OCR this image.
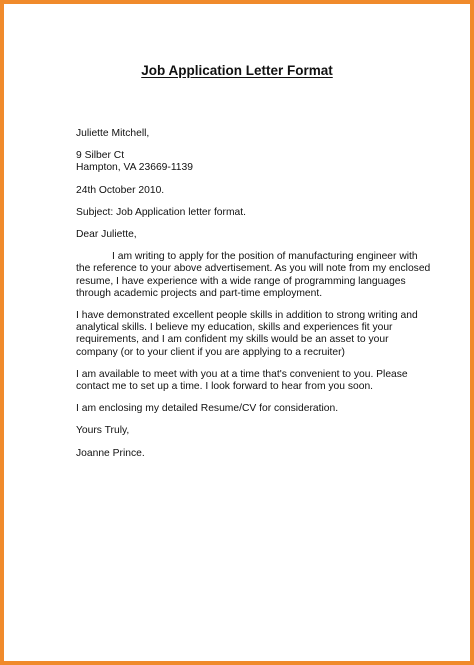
Job Application Letter Format
Juliette Mitchell,
9 Silber Ct
Hampton, VA 23669-1139
24th October 2010.
Subject: Job Application letter format.
Dear Juliette,
I am writing to apply for the position of manufacturing engineer with
the reference to your above advertisement. As you will note from my enclosed
resume, I have experience with a wide range of programming languages
through academic projects and part-time employment.
I have demonstrated excellent people skills in addition to strong writing and
analytical skills. I believe my education, skills and experiences fit your
requirements, and I am confident my skills would be an asset to your
company (or to your client if you are applying to a recruiter)
I am available to meet with you at a time that's convenient to you. Please
contact me to set up a time. I look forward to hear from you soon.
I am enclosing my detailed Resume/CV for consideration.
Yours Truly,
Joanne Prince.
